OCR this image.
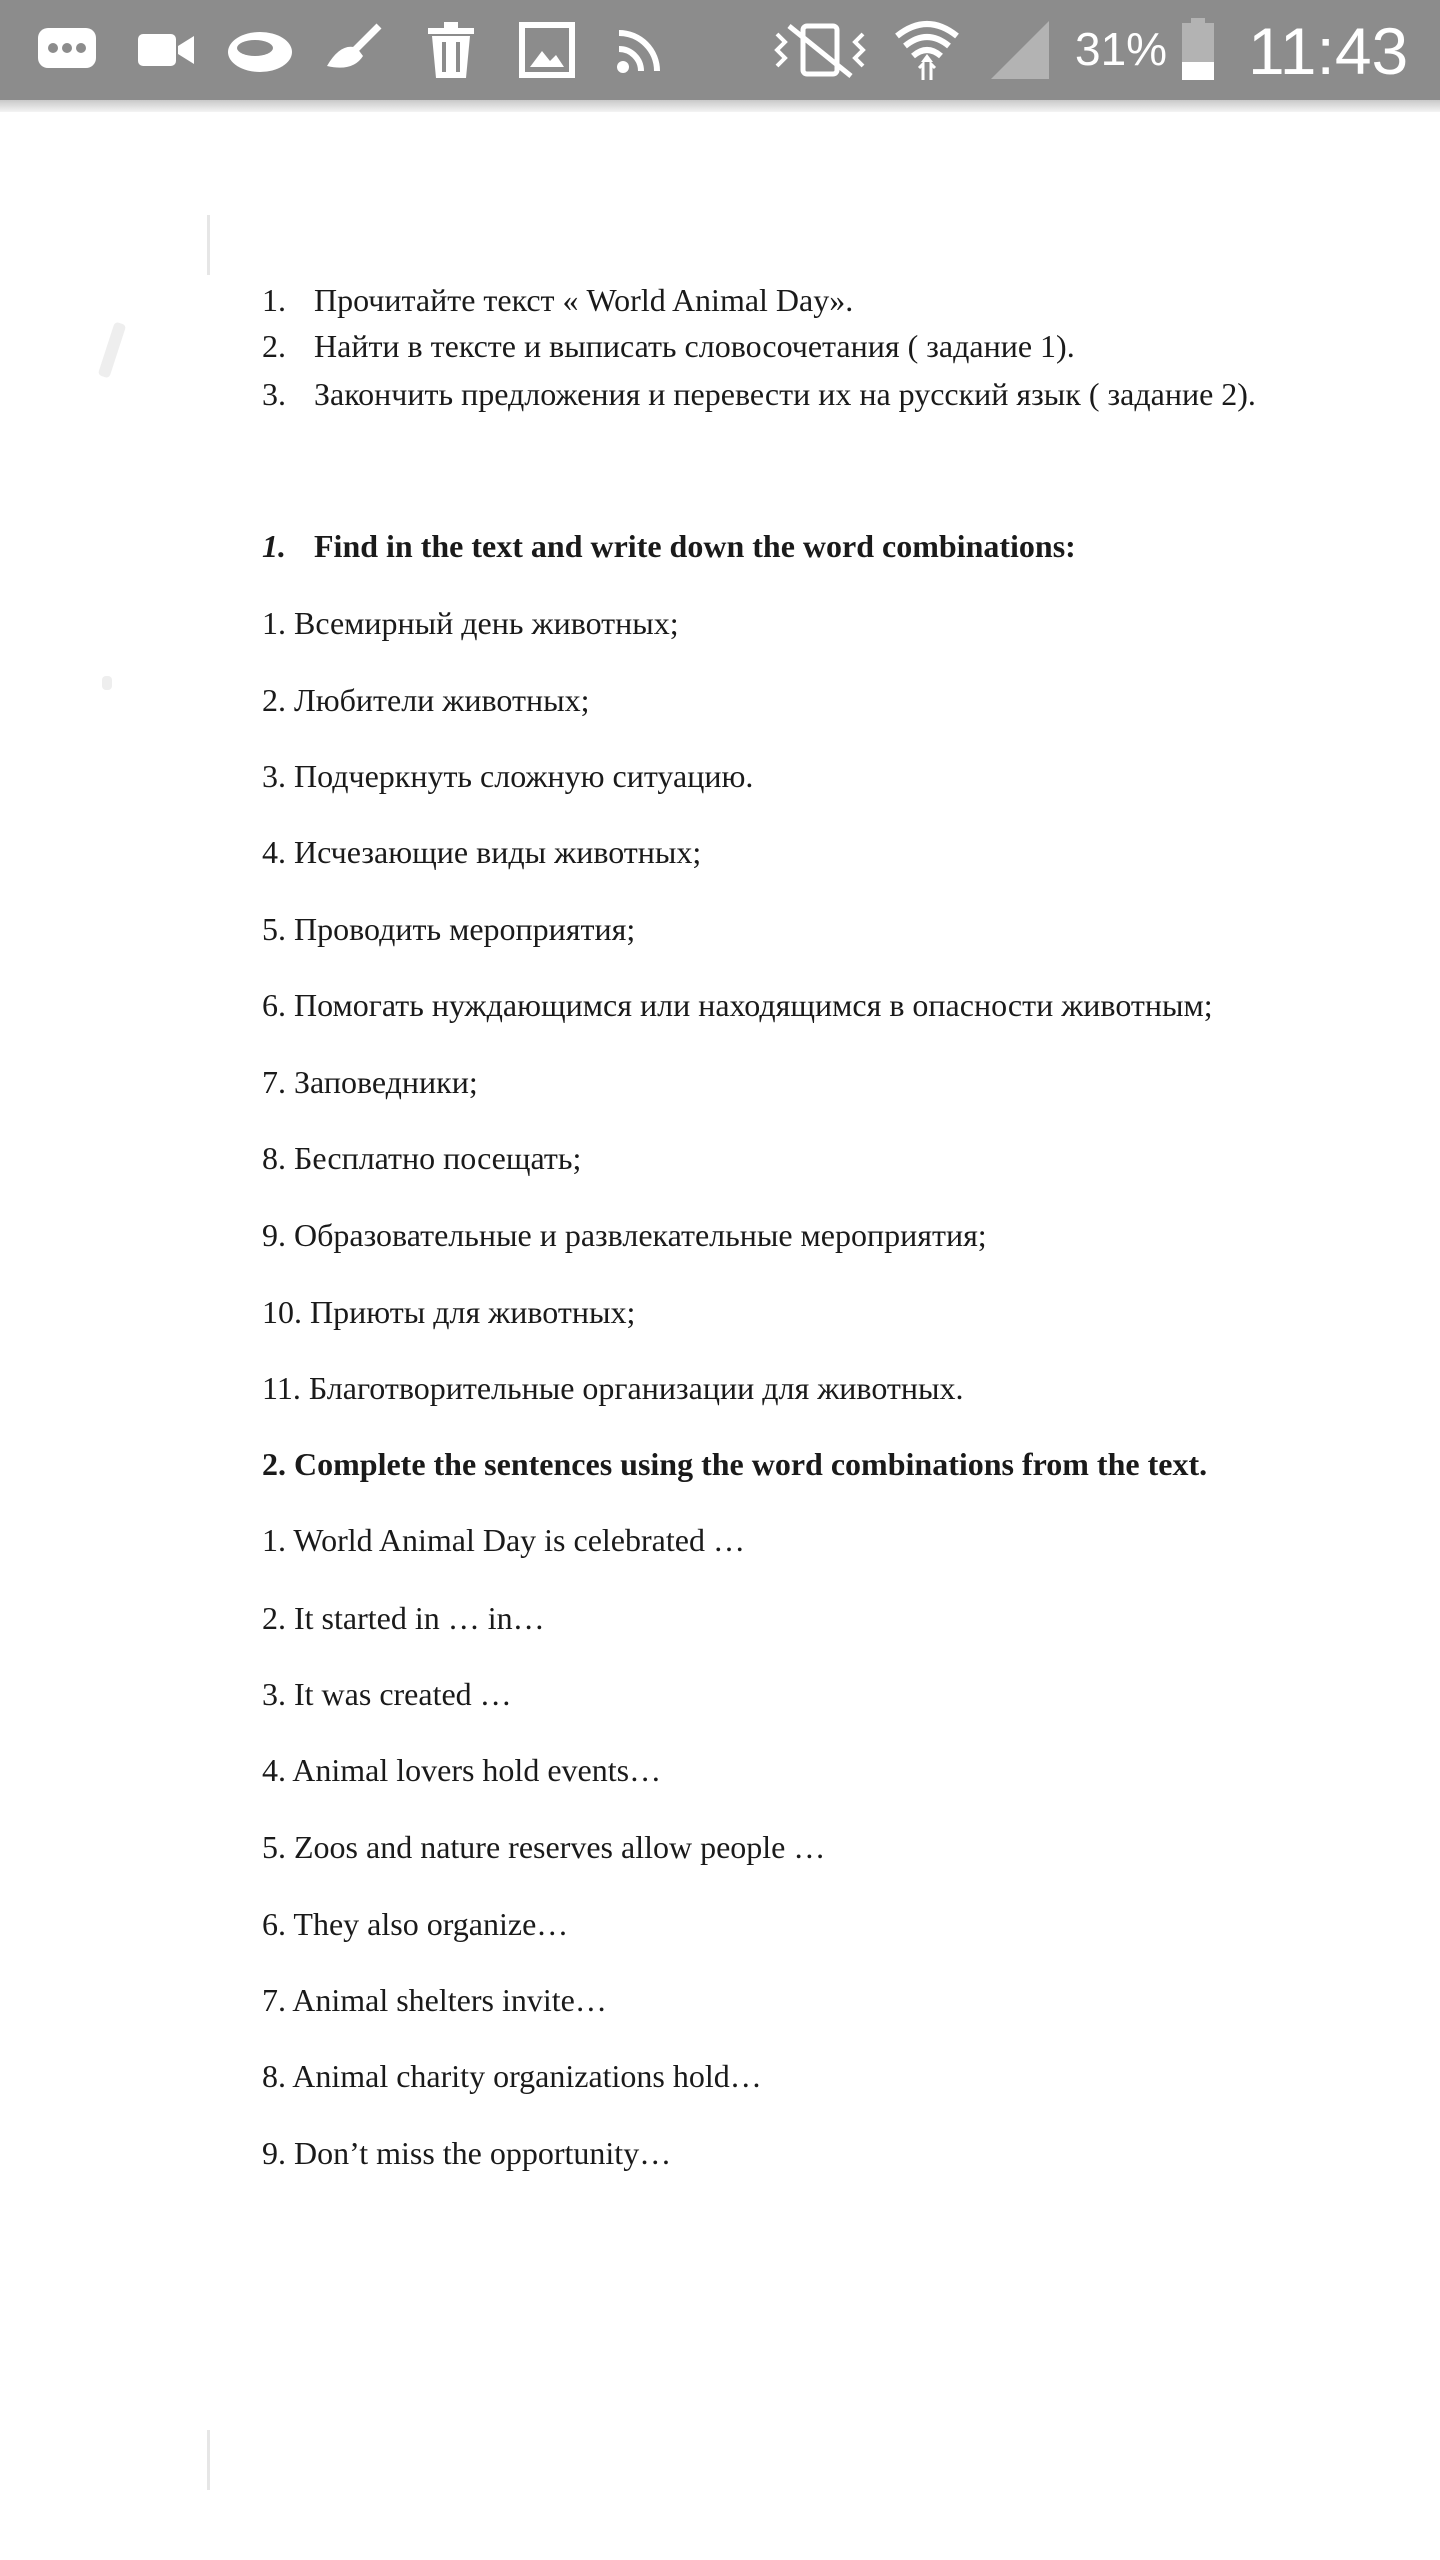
31% 11:43
1. Прочитайте текст « World Animal Day».
2. Найти в тексте и выписать словосочетания ( задание 1).
3. Закончить предложения и перевести их на русский язык ( задание 2).
1. Find in the text and write down the word combinations:
1. Всемирный день животных;
2. Любители животных;
3. Подчеркнуть сложную ситуацию.
4. Исчезающие виды животных;
5. Проводить мероприятия;
6. Помогать нуждающимся или находящимся в опасности животным;
7. Заповедники;
8. Бесплатно посещать;
9. Образовательные и развлекательные мероприятия;
10. Приюты для животных;
11. Благотворительные организации для животных.
2. Complete the sentences using the word combinations from the text.
1. World Animal Day is celebrated …
2. It started in … in…
3. It was created …
4. Animal lovers hold events…
5. Zoos and nature reserves allow people …
6. They also organize…
7. Animal shelters invite…
8. Animal charity organizations hold…
9. Don’t miss the opportunity…
